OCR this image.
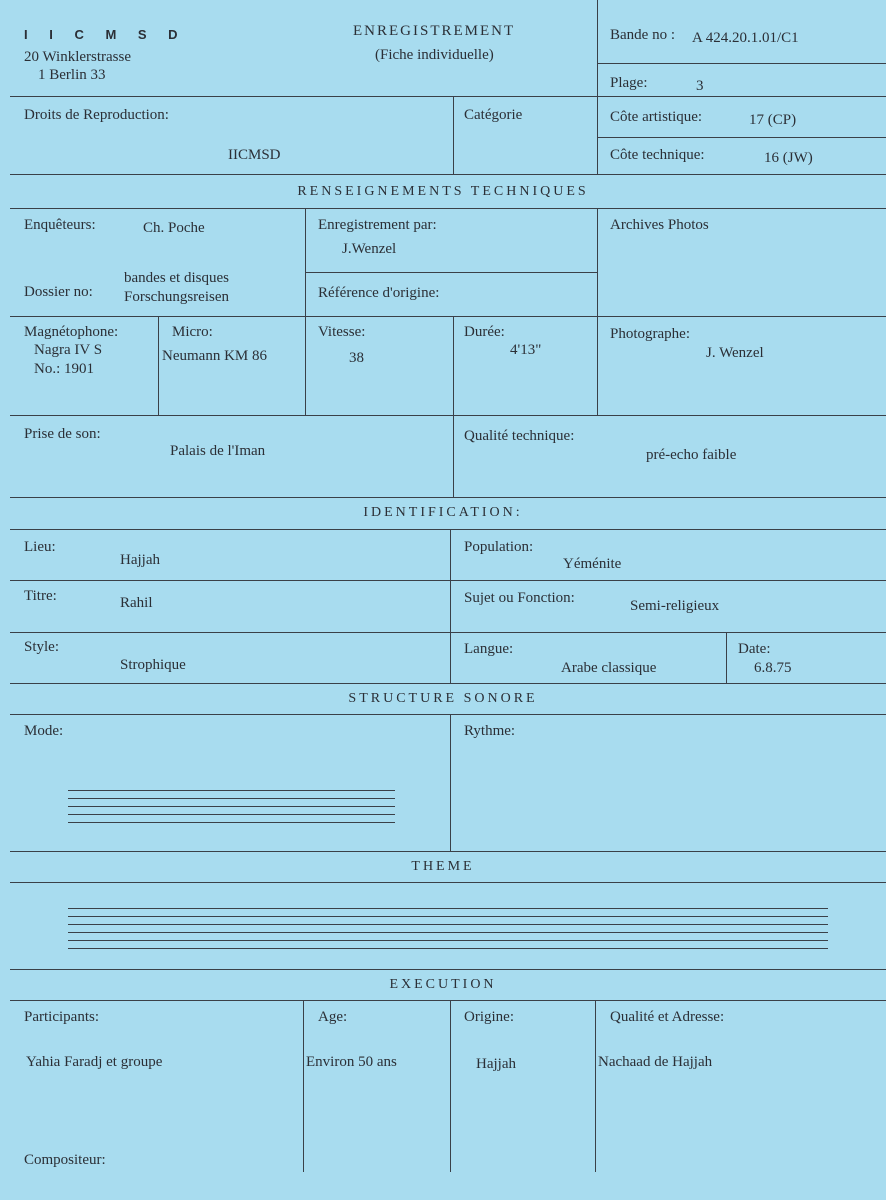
I I C M S D
20 Winklerstrasse
1 Berlin 33
ENREGISTREMENT
(Fiche individuelle)
Bande no : A 424.20.1.01/C1
Plage:	3
Droits de Reproduction:
IICMSD
Catégorie	Côte artistique:	17 (CP)
Côte technique:	16 (JW)
RENSEIGNEMENTS TECHNIQUES
Enquêteurs:	Ch. Poche	Enregistrement par:
J.Wenzel
Archives Photos
Dossier no:
bandes et disques
Forschungsreisen	Référence d'origine:
Magnétophone:
Nagra IV S
No.: 1901
Micro:
Neumann KM 86
Vitesse:
38
Durée:
4'13"
Photographe:
J. Wenzel
Prise de son:
Palais de l'Iman
Qualité technique:
pré-echo faible
IDENTIFICATION:
Lieu:
Hajjah
Population:
Yéménite
Titre:	Rahil	Sujet ou Fonction:	Semi-religieux
Style:
Strophique
Langue:
Arabe classique
Date:
6.8.75
STRUCTURE SONORE
Mode:	Rythme:
THEME
EXECUTION
Participants:
Yahia Faradj et groupe
Age:
Environ 50 ans
Origine:
Hajjah
Qualité et Adresse:
Nachaad de Hajjah
Compositeur:
